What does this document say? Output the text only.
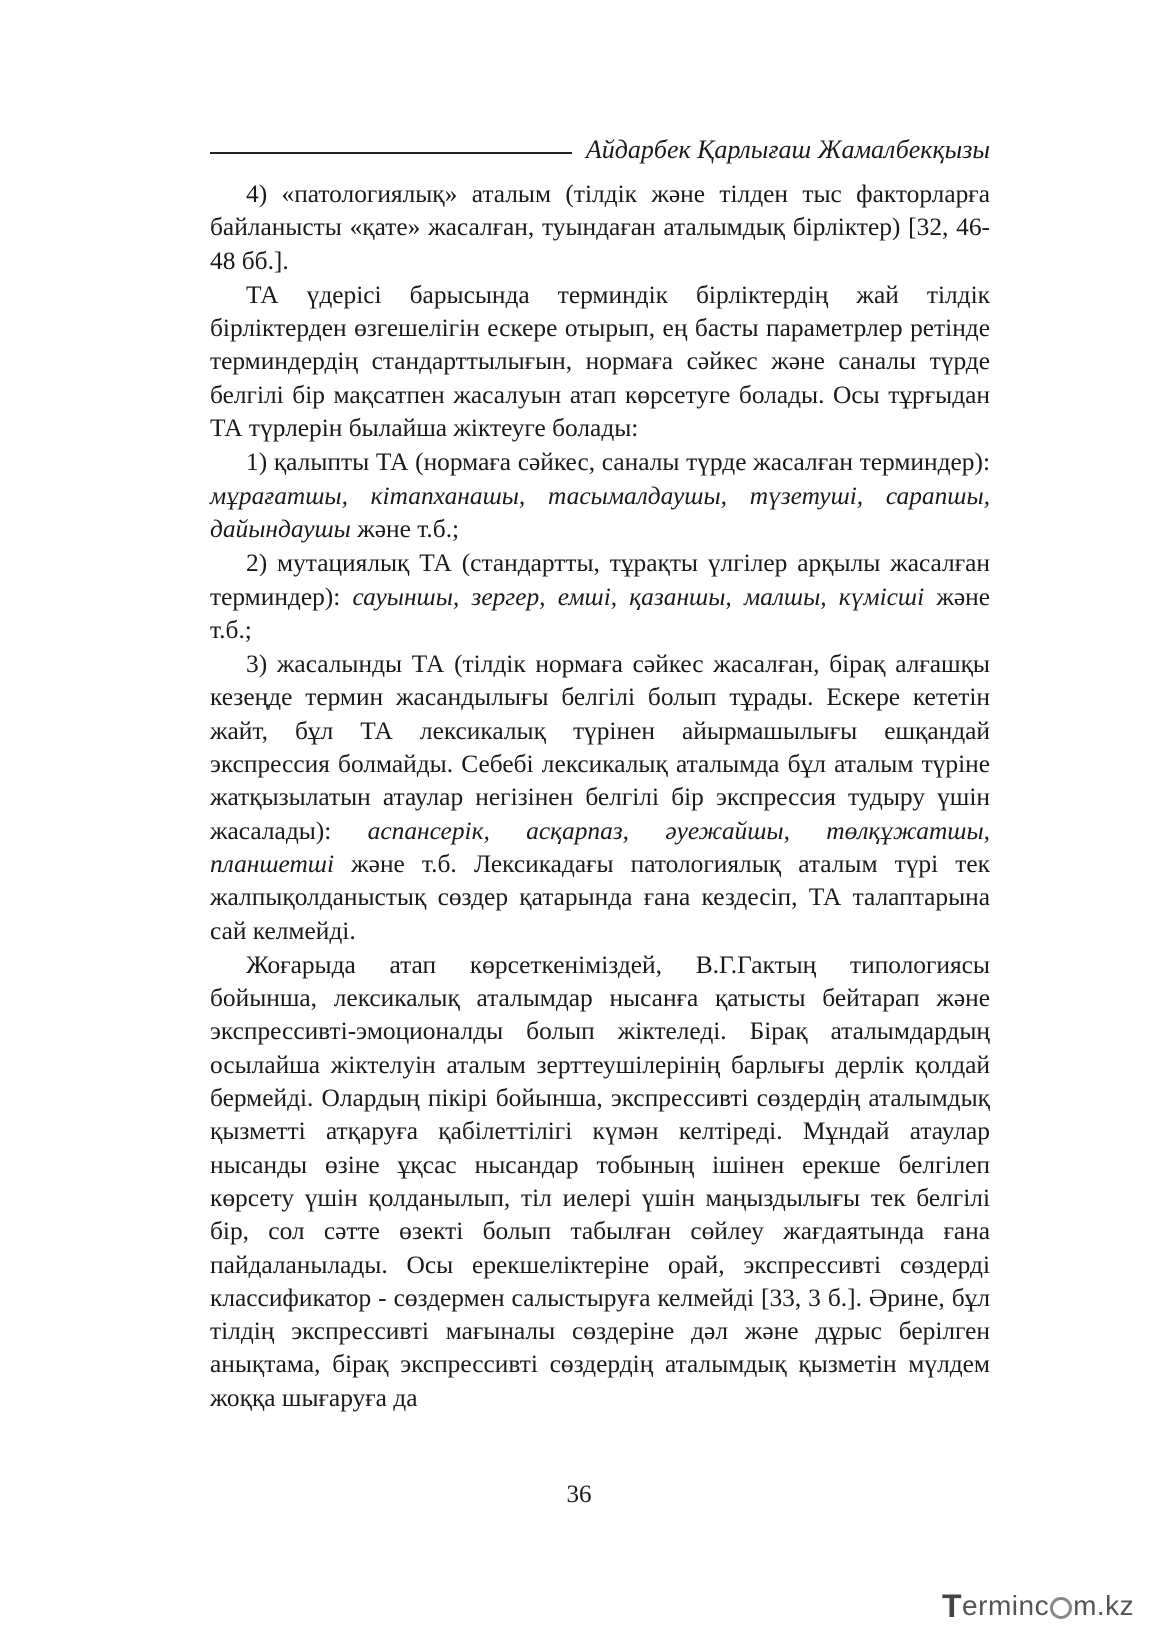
Айдарбек Қарлығаш Жамалбекқызы

4) «патологиялық» аталым (тілдік және тілден тыс факторларға байланысты «қате» жасалған, туындаған аталымдық бірліктер) [32, 46-48 бб.].

ТА үдерісі барысында терминдік бірліктердің жай тілдік бірліктерден өзгешелігін ескере отырып, ең басты параметрлер ретінде терминдердің стандарттылығын, нормаға сәйкес және саналы түрде белгілі бір мақсатпен жасалуын атап көрсетуге болады. Осы тұрғыдан ТА түрлерін былайша жіктеуге болады:

1) қалыпты ТА (нормаға сәйкес, саналы түрде жасалған терминдер): мұрағатшы, кітапханашы, тасымалдаушы, түзетуші, сарапшы, дайындаушы және т.б.;

2) мутациялық ТА (стандартты, тұрақты үлгілер арқылы жасалған терминдер): сауыншы, зергер, емші, қазаншы, малшы, күмісші және т.б.;

3) жасалынды ТА (тілдік нормаға сәйкес жасалған, бірақ алғашқы кезеңде термин жасандылығы белгілі болып тұрады. Ескере кететін жайт, бұл ТА лексикалық түрінен айырмашылығы ешқандай экспрессия болмайды. Себебі лексикалық аталымда бұл аталым түріне жатқызылатын атаулар негізінен белгілі бір экспрессия тудыру үшін жасалады): аспансерік, асқарпаз, әуежайшы, төлқұжатшы, планшетші және т.б. Лексикадағы патологиялық аталым түрі тек жалпықолданыстық сөздер қатарында ғана кездесіп, ТА талаптарына сай келмейді.

Жоғарыда атап көрсеткеніміздей, В.Г.Гактың типологиясы бойынша, лексикалық аталымдар нысанға қатысты бейтарап және экспрессивті-эмоционалды болып жіктеледі. Бірақ аталымдардың осылайша жіктелуін аталым зерттеушілерінің барлығы дерлік қолдай бермейді. Олардың пікірі бойынша, экспрессивті сөздердің аталымдық қызметті атқаруға қабілеттілігі күмән келтіреді. Мұндай атаулар нысанды өзіне ұқсас нысандар тобының ішінен ерекше белгілеп көрсету үшін қолданылып, тіл иелері үшін маңыздылығы тек белгілі бір, сол сәтте өзекті болып табылған сөйлеу жағдаятында ғана пайдаланылады. Осы ерекшеліктеріне орай, экспрессивті сөздерді классификатор - сөздермен салыстыруға келмейді [33, 3 б.]. Әрине, бұл тілдің экспрессивті мағыналы сөздеріне дәл және дұрыс берілген анықтама, бірақ экспрессивті сөздердің аталымдық қызметін мүлдем жоққа шығаруға да

36
T ermin c m.kz
